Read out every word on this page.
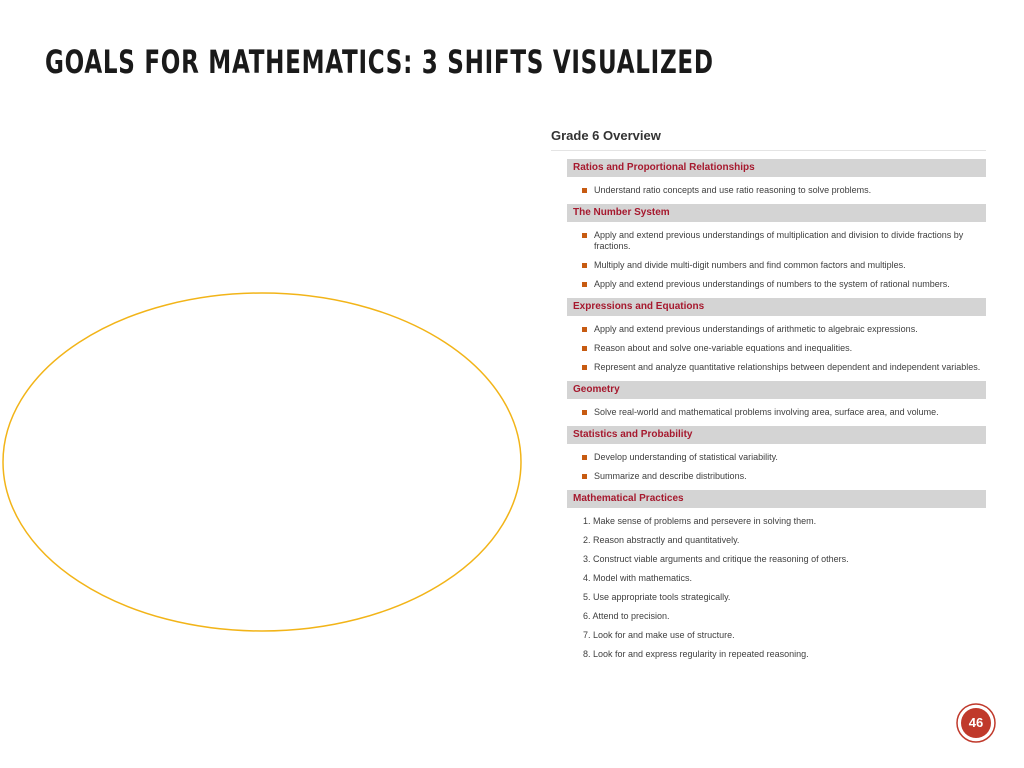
GOALS FOR MATHEMATICS: 3 SHIFTS VISUALIZED
Grade 6 Overview
Ratios and Proportional Relationships
Understand ratio concepts and use ratio reasoning to solve problems.
The Number System
Apply and extend previous understandings of multiplication and division to divide fractions by fractions.
Multiply and divide multi-digit numbers and find common factors and multiples.
Apply and extend previous understandings of numbers to the system of rational numbers.
Expressions and Equations
Apply and extend previous understandings of arithmetic to algebraic expressions.
Reason about and solve one-variable equations and inequalities.
Represent and analyze quantitative relationships between dependent and independent variables.
Geometry
Solve real-world and mathematical problems involving area, surface area, and volume.
Statistics and Probability
Develop understanding of statistical variability.
Summarize and describe distributions.
Mathematical Practices
1. Make sense of problems and persevere in solving them.
2. Reason abstractly and quantitatively.
3. Construct viable arguments and critique the reasoning of others.
4. Model with mathematics.
5. Use appropriate tools strategically.
6. Attend to precision.
7. Look for and make use of structure.
8. Look for and express regularity in repeated reasoning.
46
